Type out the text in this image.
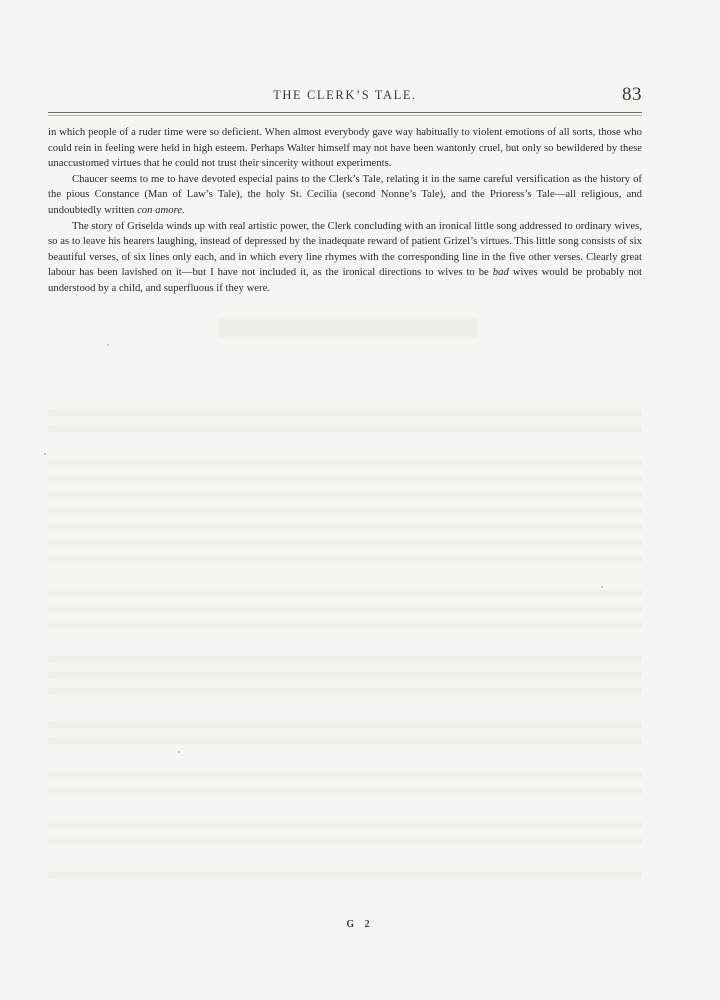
THE CLERK’S TALE.	83

in which people of a ruder time were so deficient. When almost everybody gave way habitually to violent emotions of all sorts, those who could rein in feeling were held in high esteem. Perhaps Walter himself may not have been wantonly cruel, but only so bewildered by these unaccustomed virtues that he could not trust their sincerity without experiments.

Chaucer seems to me to have devoted especial pains to the Clerk’s Tale, relating it in the same careful versification as the history of the pious Constance (Man of Law’s Tale), the holy St. Cecilia (second Nonne’s Tale), and the Prioress’s Tale—all religious, and undoubtedly written con amore.

The story of Griselda winds up with real artistic power, the Clerk concluding with an ironical little song addressed to ordinary wives, so as to leave his hearers laughing, instead of depressed by the inadequate reward of patient Grizel’s virtues. This little song consists of six beautiful verses, of six lines only each, and in which every line rhymes with the corresponding line in the five other verses. Clearly great labour has been lavished on it—but I have not included it, as the ironical directions to wives to be bad wives would be probably not understood by a child, and superfluous if they were.

G 2
